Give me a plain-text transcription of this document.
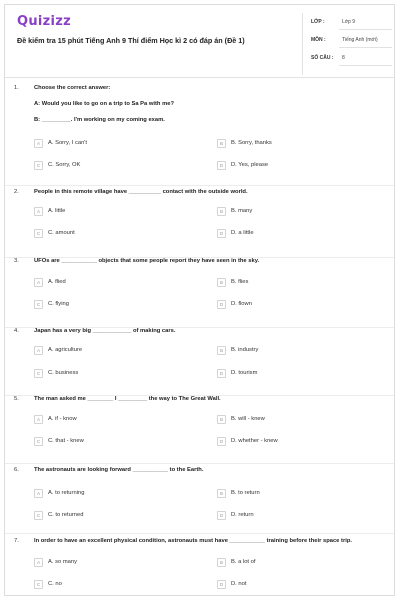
Quizizz
Đề kiểm tra 15 phút Tiếng Anh 9 Thí điểm Học kì 2 có đáp án (Đề 1)
LỚP :	Lớp 9
MÔN :	Tiếng Anh (mới)
SỐ CÂU : 8
1.	Choose the correct answer:
A: Would you like to go on a trip to Sa Pa with me?
B: _________. I'm working on my coming exam.
A	A. Sorry, I can't	B	B. Sorry, thanks
C	C. Sorry, OK	D	D. Yes, please
2.	People in this remote village have __________ contact with the outside world.
A	A. little	B	B. many
C	C. amount	D	D. a little
3.	UFOs are ___________ objects that some people report they have seen in the sky.
A	A. flied	B	B. flies
C	C. flying	D	D. flown
4.	Japan has a very big ____________ of making cars.
A	A. agriculture	B	B. industry
C	C. business	D	D. tourism
5.	The man asked me ________ I _________ the way to The Great Wall.
A	A. if - know	B	B. will - knew
C	C. that - knew	D	D. whether - knew
6.	The astronauts are looking forward ___________ to the Earth.
A	A. to returning	B	B. to return
C	C. to returned	D	D. return
7.	In order to have an excellent physical condition, astronauts must have ___________ training before their space trip.
A	A. so many	B	B. a lot of
C	C. no	D	D. not
